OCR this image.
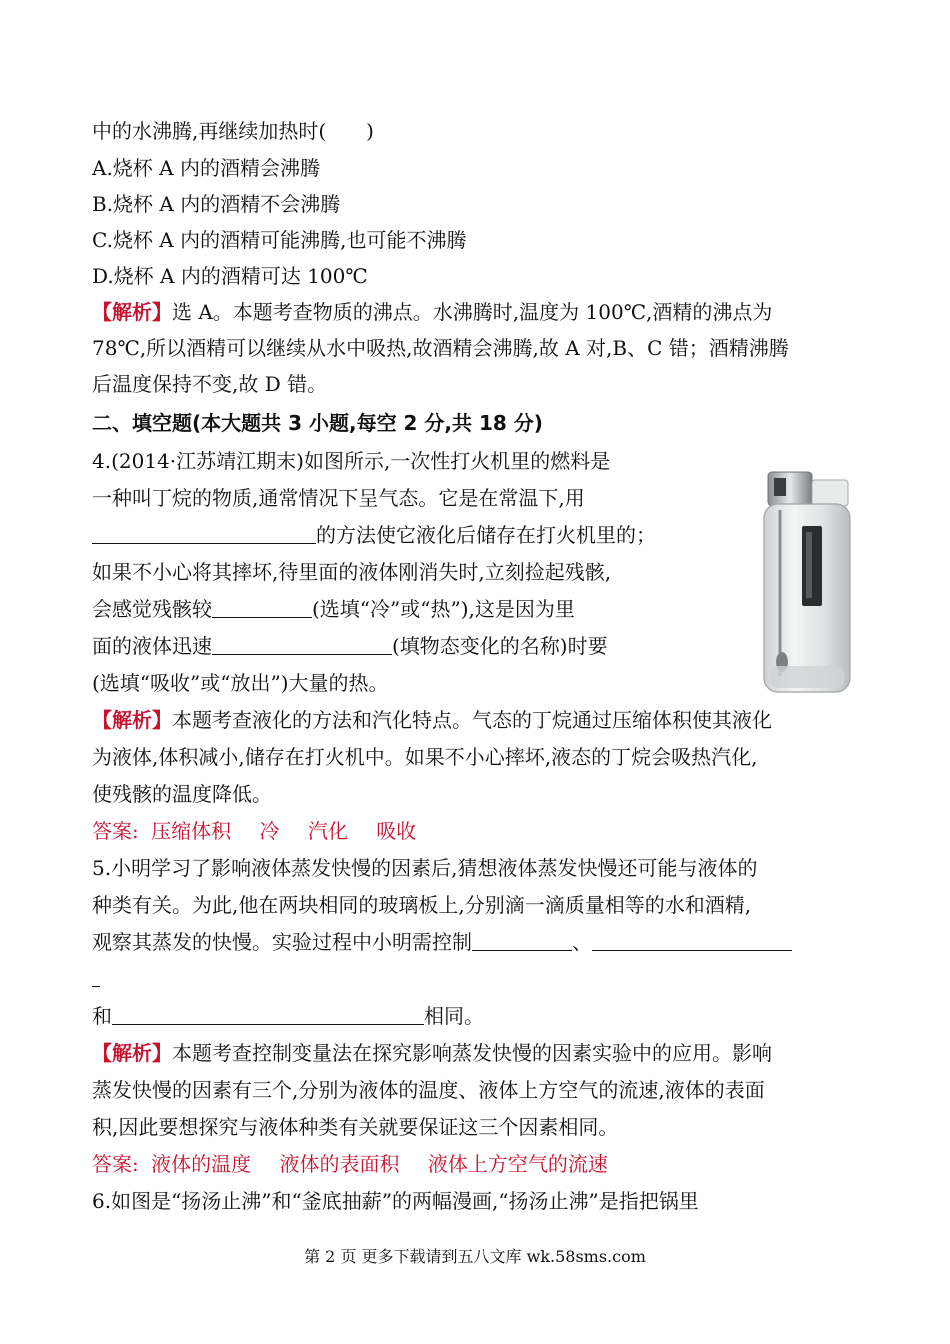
中的水沸腾,再继续加热时(　　)
A.烧杯 A 内的酒精会沸腾
B.烧杯 A 内的酒精不会沸腾
C.烧杯 A 内的酒精可能沸腾,也可能不沸腾
D.烧杯 A 内的酒精可达 100℃
【解析】选 A。本题考查物质的沸点。水沸腾时,温度为 100℃,酒精的沸点为
78℃,所以酒精可以继续从水中吸热,故酒精会沸腾,故 A 对,B、C 错；酒精沸腾
后温度保持不变,故 D 错。
二、填空题(本大题共 3 小题,每空 2 分,共 18 分)
4.(2014·江苏靖江期末)如图所示,一次性打火机里的燃料是
一种叫丁烷的物质,通常情况下呈气态。它是在常温下,用
的方法使它液化后储存在打火机里的；
如果不小心将其摔坏,待里面的液体刚消失时,立刻捡起残骸,
会感觉残骸较	(选填“冷”或“热”),这是因为里
面的液体迅速	(填物态变化的名称)时要
(选填“吸收”或“放出”)大量的热。
【解析】本题考查液化的方法和汽化特点。气态的丁烷通过压缩体积使其液化
为液体,体积减小,储存在打火机中。如果不小心摔坏,液态的丁烷会吸热汽化,
使残骸的温度降低。
答案: 压缩体积 冷 汽化 吸收
5.小明学习了影响液体蒸发快慢的因素后,猜想液体蒸发快慢还可能与液体的
种类有关。为此,他在两块相同的玻璃板上,分别滴一滴质量相等的水和酒精,
观察其蒸发的快慢。实验过程中小明需控制	、
和	相同。
【解析】本题考查控制变量法在探究影响蒸发快慢的因素实验中的应用。影响
蒸发快慢的因素有三个,分别为液体的温度、液体上方空气的流速,液体的表面
积,因此要想探究与液体种类有关就要保证这三个因素相同。
答案: 液体的温度 液体的表面积 液体上方空气的流速
6.如图是“扬汤止沸”和“釜底抽薪”的两幅漫画,“扬汤止沸”是指把锅里
第 2 页 更多下载请到五八文库 wk.58sms.com
